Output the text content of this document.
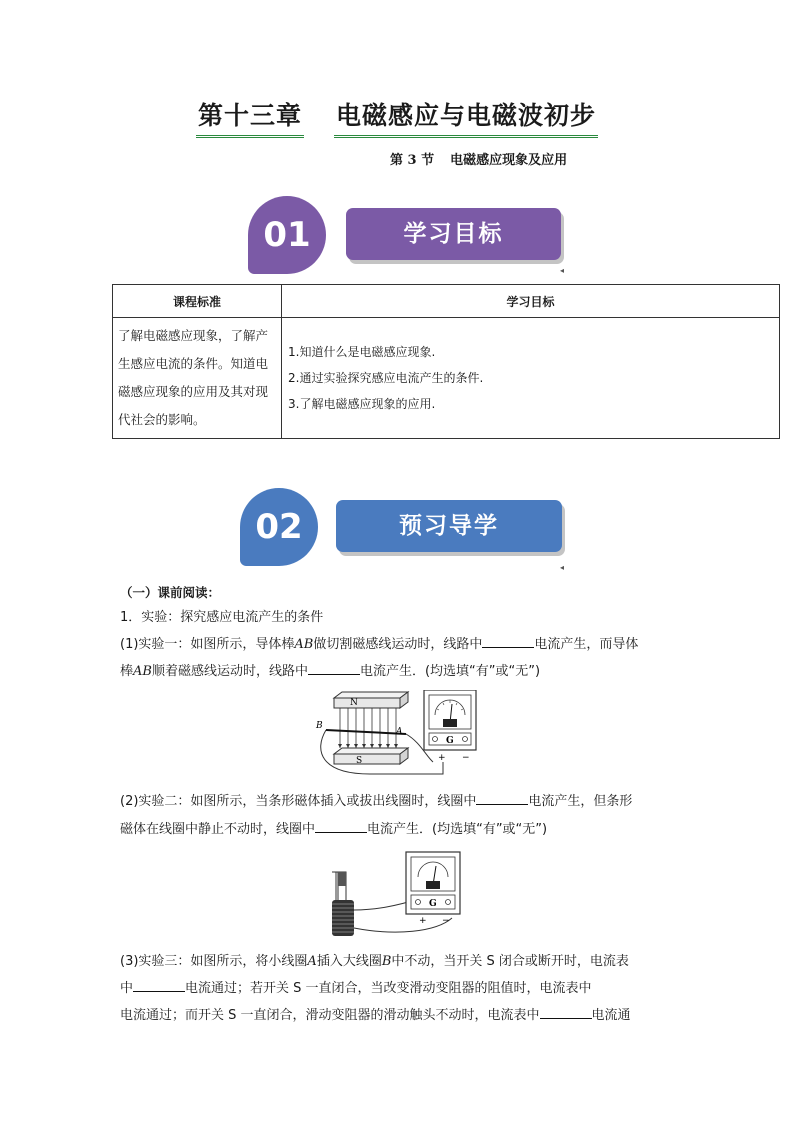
第十三章 电磁感应与电磁波初步
第 3 节 电磁感应现象及应用
01	学习目标
◂
课程标准	学习目标
了解电磁感应现象，了解产生感应电流的条件。知道电磁感应现象的应用及其对现代社会的影响。	1.知道什么是电磁感应现象.
2.通过实验探究感应电流产生的条件.
3.了解电磁感应现象的应用.
02	预习导学
◂
（一）课前阅读：
1．实验：探究感应电流产生的条件
(1)实验一：如图所示，导体棒AB做切割磁感线运动时，线路中	电流产生，而导体
棒AB顺着磁感线运动时，线路中	电流产生．(均选填“有”或“无”)
N
S
B
A
G
+ −
(2)实验二：如图所示，当条形磁体插入或拔出线圈时，线圈中	电流产生，但条形
磁体在线圈中静止不动时，线圈中	电流产生．(均选填“有”或“无”)
G
+ −
(3)实验三：如图所示，将小线圈A插入大线圈B中不动，当开关 S 闭合或断开时，电流表
中	电流通过；若开关 S 一直闭合，当改变滑动变阻器的阻值时，电流表中
电流通过；而开关 S 一直闭合，滑动变阻器的滑动触头不动时，电流表中	电流通
